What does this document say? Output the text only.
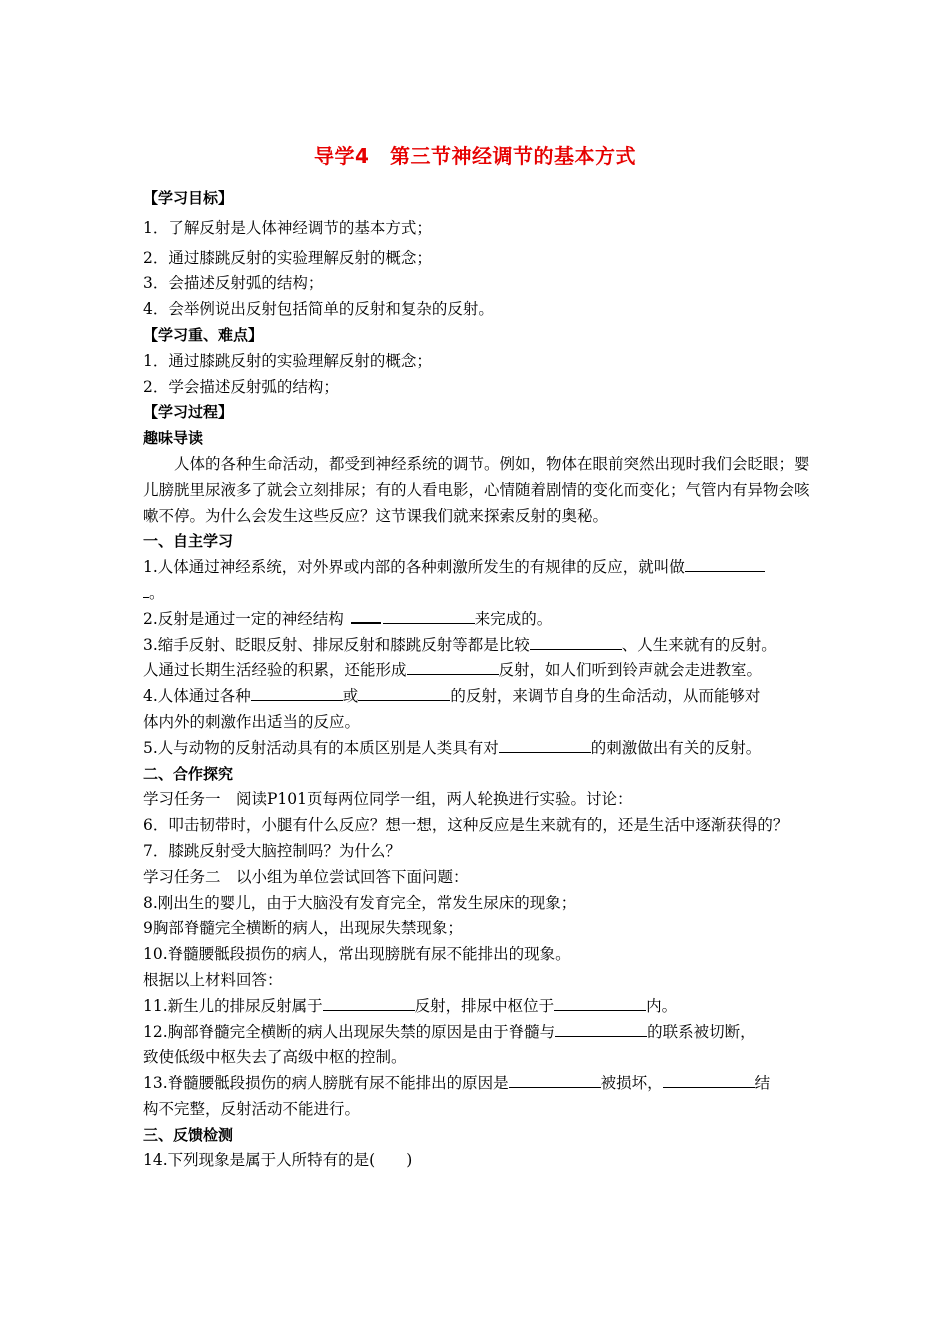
导学4　第三节神经调节的基本方式
【学习目标】
1．了解反射是人体神经调节的基本方式；
2．通过膝跳反射的实验理解反射的概念；
3．会描述反射弧的结构；
4．会举例说出反射包括简单的反射和复杂的反射。
【学习重、难点】
1．通过膝跳反射的实验理解反射的概念；
2．学会描述反射弧的结构；
【学习过程】
趣味导读
人体的各种生命活动，都受到神经系统的调节。例如，物体在眼前突然出现时我们会眨眼；婴儿膀胱里尿液多了就会立刻排尿；有的人看电影，心情随着剧情的变化而变化；气管内有异物会咳嗽不停。为什么会发生这些反应？这节课我们就来探索反射的奥秘。
一、自主学习
1.人体通过神经系统，对外界或内部的各种刺激所发生的有规律的反应，就叫做
。
2.反射是通过一定的神经结构	来完成的。
3.缩手反射、眨眼反射、排尿反射和膝跳反射等都是比较	、人生来就有的反射。
人通过长期生活经验的积累，还能形成	反射，如人们听到铃声就会走进教室。
4.人体通过各种	或	的反射，来调节自身的生命活动，从而能够对
体内外的刺激作出适当的反应。
5.人与动物的反射活动具有的本质区别是人类具有对	的刺激做出有关的反射。
二、合作探究
学习任务一　阅读P101页每两位同学一组，两人轮换进行实验。讨论：
6．叩击韧带时，小腿有什么反应？想一想，这种反应是生来就有的，还是生活中逐渐获得的？
7．膝跳反射受大脑控制吗？为什么？
学习任务二　以小组为单位尝试回答下面问题：
8.刚出生的婴儿，由于大脑没有发育完全，常发生尿床的现象；
9胸部脊髓完全横断的病人，出现尿失禁现象；
10.脊髓腰骶段损伤的病人，常出现膀胱有尿不能排出的现象。
根据以上材料回答：
11.新生儿的排尿反射属于	反射，排尿中枢位于	内。
12.胸部脊髓完全横断的病人出现尿失禁的原因是由于脊髓与	的联系被切断，
致使低级中枢失去了高级中枢的控制。
13.脊髓腰骶段损伤的病人膀胱有尿不能排出的原因是	被损坏，	结
构不完整，反射活动不能进行。
三、反馈检测
14.下列现象是属于人所特有的是(　　)
